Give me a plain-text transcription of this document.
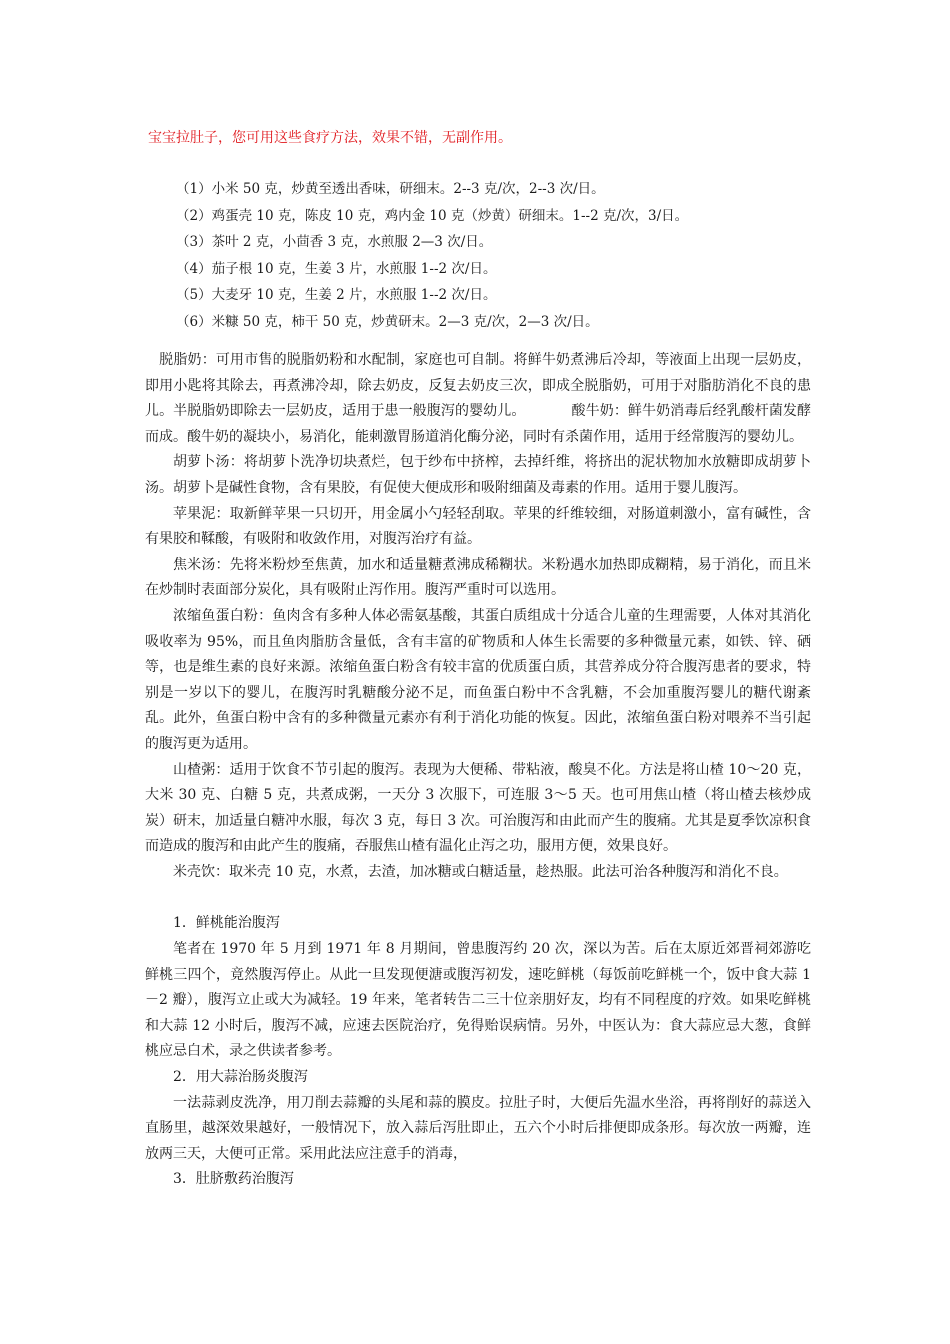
宝宝拉肚子，您可用这些食疗方法，效果不错，无副作用。
（1）小米 50 克，炒黄至透出香味，研细末。2--3 克/次，2--3 次/日。
（2）鸡蛋壳 10 克，陈皮 10 克，鸡内金 10 克（炒黄）研细末。1--2 克/次，3/日。
（3）茶叶 2 克，小茴香 3 克，水煎服 2—3 次/日。
（4）茄子根 10 克，生姜 3 片，水煎服 1--2 次/日。
（5）大麦牙 10 克，生姜 2 片，水煎服 1--2 次/日。
（6）米糠 50 克，柿干 50 克，炒黄研末。2—3 克/次，2—3 次/日。

脱脂奶：可用市售的脱脂奶粉和水配制，家庭也可自制。将鲜牛奶煮沸后冷却，等液面上出现一层奶皮，即用小匙将其除去，再煮沸冷却，除去奶皮，反复去奶皮三次，即成全脱脂奶，可用于对脂肪消化不良的患儿。半脱脂奶即除去一层奶皮，适用于患一般腹泻的婴幼儿。	酸牛奶：鲜牛奶消毒后经乳酸杆菌发酵而成。酸牛奶的凝块小，易消化，能刺激胃肠道消化酶分泌，同时有杀菌作用，适用于经常腹泻的婴幼儿。

胡萝卜汤：将胡萝卜洗净切块煮烂，包于纱布中挤榨，去掉纤维，将挤出的泥状物加水放糖即成胡萝卜汤。胡萝卜是碱性食物，含有果胶，有促使大便成形和吸附细菌及毒素的作用。适用于婴儿腹泻。

苹果泥：取新鲜苹果一只切开，用金属小勺轻轻刮取。苹果的纤维较细，对肠道刺激小，富有碱性，含有果胶和鞣酸，有吸附和收敛作用，对腹泻治疗有益。

焦米汤：先将米粉炒至焦黄，加水和适量糖煮沸成稀糊状。米粉遇水加热即成糊精，易于消化，而且米在炒制时表面部分炭化，具有吸附止泻作用。腹泻严重时可以选用。

浓缩鱼蛋白粉：鱼肉含有多种人体必需氨基酸，其蛋白质组成十分适合儿童的生理需要，人体对其消化吸收率为 95%，而且鱼肉脂肪含量低，含有丰富的矿物质和人体生长需要的多种微量元素，如铁、锌、硒等，也是维生素的良好来源。浓缩鱼蛋白粉含有较丰富的优质蛋白质，其营养成分符合腹泻患者的要求，特别是一岁以下的婴儿，在腹泻时乳糖酸分泌不足，而鱼蛋白粉中不含乳糖，不会加重腹泻婴儿的糖代谢紊乱。此外，鱼蛋白粉中含有的多种微量元素亦有利于消化功能的恢复。因此，浓缩鱼蛋白粉对喂养不当引起的腹泻更为适用。

山楂粥：适用于饮食不节引起的腹泻。表现为大便稀、带粘液，酸臭不化。方法是将山楂 10～20 克，大米 30 克、白糖 5 克，共煮成粥，一天分 3 次服下，可连服 3～5 天。也可用焦山楂（将山楂去核炒成炭）研末，加适量白糖冲水服，每次 3 克，每日 3 次。可治腹泻和由此而产生的腹痛。尤其是夏季饮凉积食而造成的腹泻和由此产生的腹痛，吞服焦山楂有温化止泻之功，服用方便，效果良好。

米壳饮：取米壳 10 克，水煮，去渣，加冰糖或白糖适量，趁热服。此法可治各种腹泻和消化不良。

1．鲜桃能治腹泻

笔者在 1970 年 5 月到 1971 年 8 月期间，曾患腹泻约 20 次，深以为苦。后在太原近郊晋祠郊游吃鲜桃三四个，竟然腹泻停止。从此一旦发现便溏或腹泻初发，速吃鲜桃（每饭前吃鲜桃一个，饭中食大蒜 1－2 瓣），腹泻立止或大为减轻。19 年来，笔者转告二三十位亲朋好友，均有不同程度的疗效。如果吃鲜桃和大蒜 12 小时后，腹泻不减，应速去医院治疗，免得贻误病情。另外，中医认为：食大蒜应忌大葱，食鲜桃应忌白术，录之供读者参考。

2．用大蒜治肠炎腹泻

一法蒜剥皮洗净，用刀削去蒜瓣的头尾和蒜的膜皮。拉肚子时，大便后先温水坐浴，再将削好的蒜送入直肠里，越深效果越好，一般情况下，放入蒜后泻肚即止，五六个小时后排便即成条形。每次放一两瓣，连放两三天，大便可正常。采用此法应注意手的消毒，

3．肚脐敷药治腹泻
